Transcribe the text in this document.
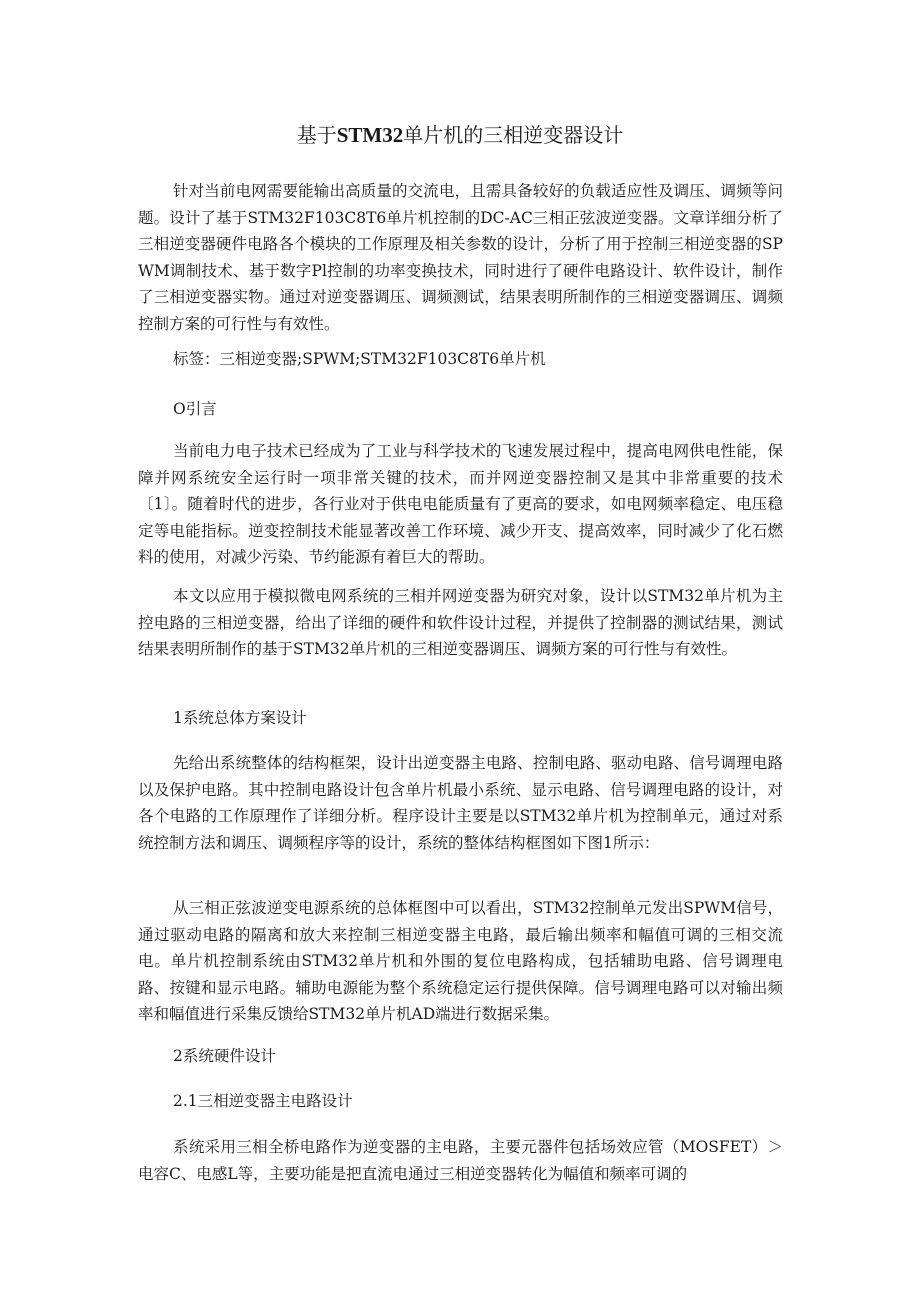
基于STM32单片机的三相逆变器设计

针对当前电网需要能输出高质量的交流电，且需具备较好的负载适应性及调压、调频等问题。设计了基于STM32F103C8T6单片机控制的DC-AC三相正弦波逆变器。文章详细分析了三相逆变器硬件电路各个模块的工作原理及相关参数的设计，分析了用于控制三相逆变器的SPWM调制技术、基于数字Pl控制的功率变换技术，同时进行了硬件电路设计、软件设计，制作了三相逆变器实物。通过对逆变器调压、调频测试，结果表明所制作的三相逆变器调压、调频控制方案的可行性与有效性。

标签：三相逆变器;SPWM;STM32F103C8T6单片机

O引言

当前电力电子技术已经成为了工业与科学技术的飞速发展过程中，提高电网供电性能，保障并网系统安全运行时一项非常关键的技术，而并网逆变器控制又是其中非常重要的技术〔1〕。随着时代的进步，各行业对于供电电能质量有了更高的要求，如电网频率稳定、电压稳定等电能指标。逆变控制技术能显著改善工作环境、减少开支、提高效率，同时减少了化石燃料的使用，对减少污染、节约能源有着巨大的帮助。

本文以应用于模拟微电网系统的三相并网逆变器为研究对象，设计以STM32单片机为主控电路的三相逆变器，给出了详细的硬件和软件设计过程，并提供了控制器的测试结果，测试结果表明所制作的基于STM32单片机的三相逆变器调压、调频方案的可行性与有效性。

1系统总体方案设计

先给出系统整体的结构框架，设计出逆变器主电路、控制电路、驱动电路、信号调理电路以及保护电路。其中控制电路设计包含单片机最小系统、显示电路、信号调理电路的设计，对各个电路的工作原理作了详细分析。程序设计主要是以STM32单片机为控制单元，通过对系统控制方法和调压、调频程序等的设计，系统的整体结构框图如下图1所示：

从三相正弦波逆变电源系统的总体框图中可以看出，STM32控制单元发出SPWM信号，通过驱动电路的隔离和放大来控制三相逆变器主电路，最后输出频率和幅值可调的三相交流电。单片机控制系统由STM32单片机和外围的复位电路构成，包括辅助电路、信号调理电路、按键和显示电路。辅助电源能为整个系统稳定运行提供保障。信号调理电路可以对输出频率和幅值进行采集反馈给STM32单片机AD端进行数据采集。

2系统硬件设计

2.1三相逆变器主电路设计

系统采用三相全桥电路作为逆变器的主电路，主要元器件包括场效应管（MOSFET）＞电容C、电感L等，主要功能是把直流电通过三相逆变器转化为幅值和频率可调的
